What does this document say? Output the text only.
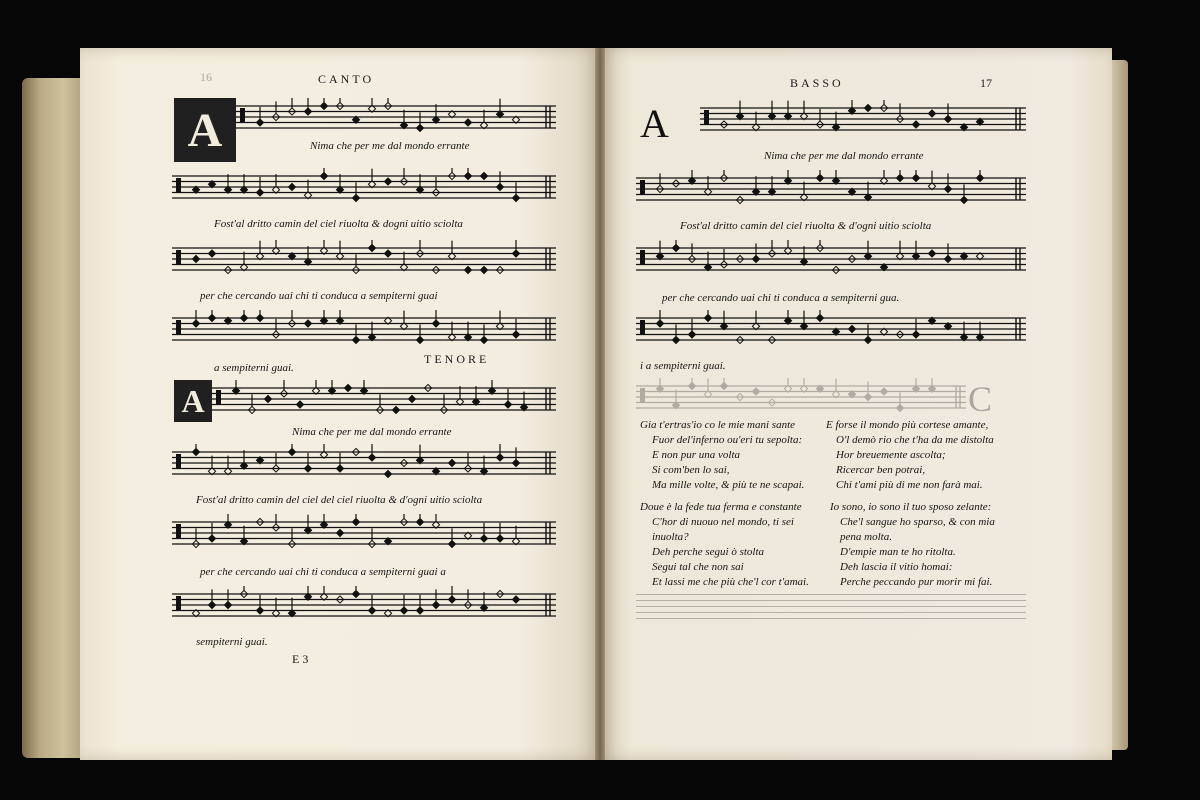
16	CANTO
A	Nima che per me dal mondo errante
Fost'al dritto camin del ciel riuolta & dogni uitio sciolta
per che cercando uai chi ti conduca a sempiterni guai
a sempiterni guai.
TENORE
A
Nima che per me dal mondo errante
Fost'al dritto camin del ciel del ciel riuolta & d'ogni uitio sciolta
per che cercando uai chi ti conduca a sempiterni guai a
sempiterni guai.
E 3
BASSO	17
A
Nima che per me dal mondo errante
Fost'al dritto camin del ciel riuolta & d'ogni uitio sciolta
per che cercando uai chi ti conduca a sempiterni gua.
i a sempiterni guai.
C
Gia t'ertras'io co le mie mani sante
Fuor del'inferno ou'eri tu sepolta:
E non pur una volta
Si com'ben lo sai,
Ma mille volte, & più te ne scapai.
E forse il mondo più cortese amante,
O'l demò rio che t'ha da me distolta
Hor breuemente ascolta;
Ricercar ben potrai,
Chi t'ami più di me non farà mai.
Doue è la fede tua ferma e constante
C'hor di nuouo nel mondo, ti sei
inuolta?
Deh perche segui ò stolta
Segui tal che non sai
Et lassi me che più che'l cor t'amai.
Io sono, io sono il tuo sposo zelante:
Che'l sangue ho sparso, & con mia
pena molta.
D'empie man te ho ritolta.
Deh lascia il vitio homai:
Perche peccando pur morir mi fai.
